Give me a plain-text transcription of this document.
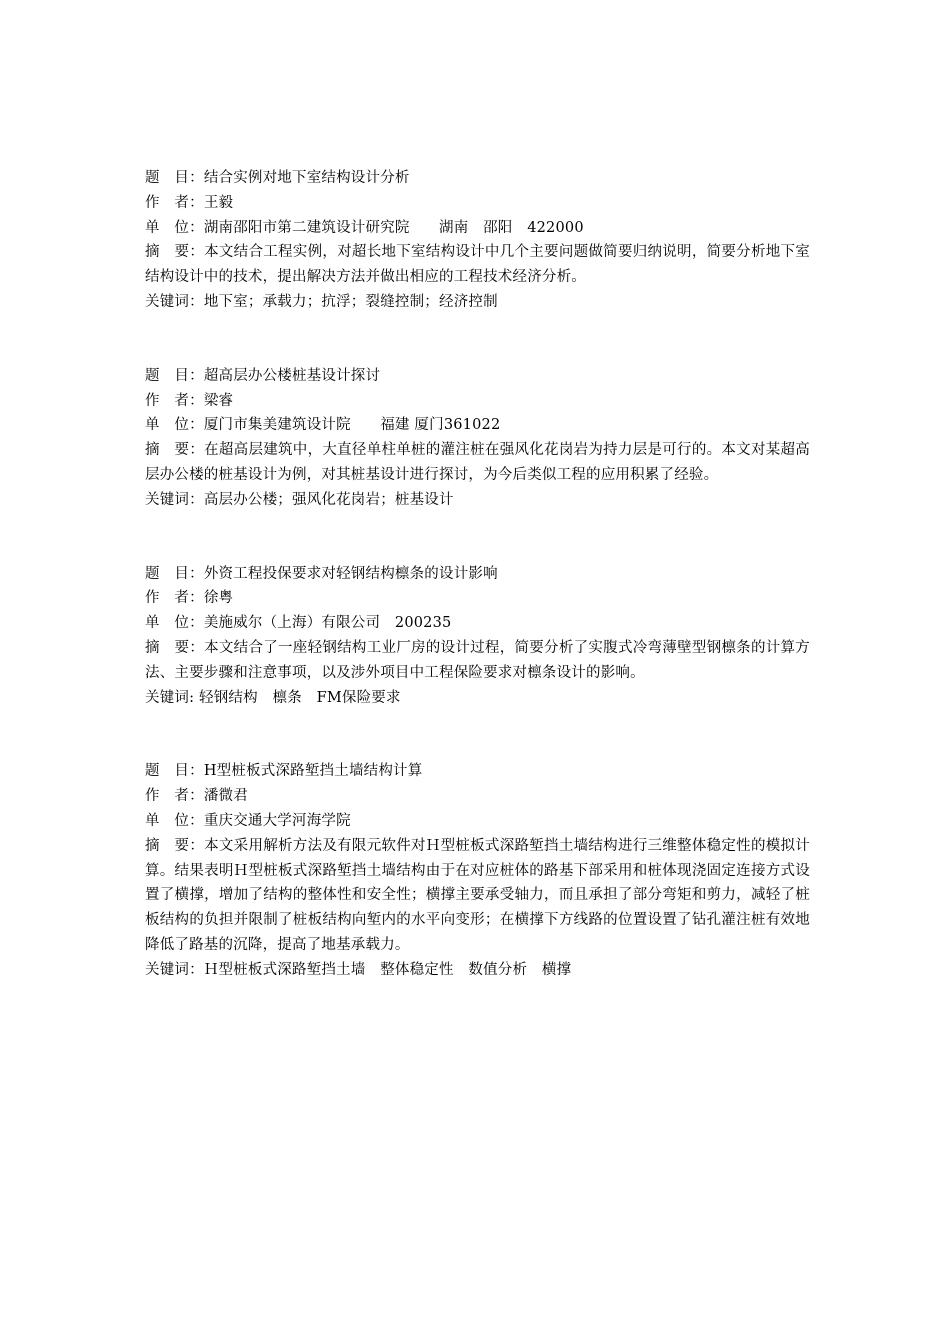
题　目：结合实例对地下室结构设计分析
作　者：王毅
单　位：湖南邵阳市第二建筑设计研究院　　湖南　邵阳　422000
摘　要：本文结合工程实例，对超长地下室结构设计中几个主要问题做简要归纳说明，简要分析地下室结构设计中的技术，提出解决方法并做出相应的工程技术经济分析。
关键词：地下室；承载力；抗浮；裂缝控制；经济控制
题　目：超高层办公楼桩基设计探讨
作　者：梁睿
单　位：厦门市集美建筑设计院　　福建 厦门361022
摘　要：在超高层建筑中，大直径单柱单桩的灌注桩在强风化花岗岩为持力层是可行的。本文对某超高层办公楼的桩基设计为例，对其桩基设计进行探讨，为今后类似工程的应用积累了经验。
关键词：高层办公楼；强风化花岗岩；桩基设计
题　目：外资工程投保要求对轻钢结构檩条的设计影响
作　者：徐粤
单　位：美施威尔（上海）有限公司　200235
摘　要：本文结合了一座轻钢结构工业厂房的设计过程，简要分析了实腹式冷弯薄壁型钢檩条的计算方法、主要步骤和注意事项，以及涉外项目中工程保险要求对檩条设计的影响。
关键词: 轻钢结构　檩条　FM保险要求
题　目：H型桩板式深路堑挡土墙结构计算
作　者：潘微君
单　位：重庆交通大学河海学院
摘　要：本文采用解析方法及有限元软件对Ｈ型桩板式深路堑挡土墙结构进行三维整体稳定性的模拟计算。结果表明Ｈ型桩板式深路堑挡土墙结构由于在对应桩体的路基下部采用和桩体现浇固定连接方式设置了横撑，增加了结构的整体性和安全性；横撑主要承受轴力，而且承担了部分弯矩和剪力，减轻了桩板结构的负担并限制了桩板结构向堑内的水平向变形；在横撑下方线路的位置设置了钻孔灌注桩有效地降低了路基的沉降，提高了地基承载力。
关键词：Ｈ型桩板式深路堑挡土墙　整体稳定性　数值分析　横撑
